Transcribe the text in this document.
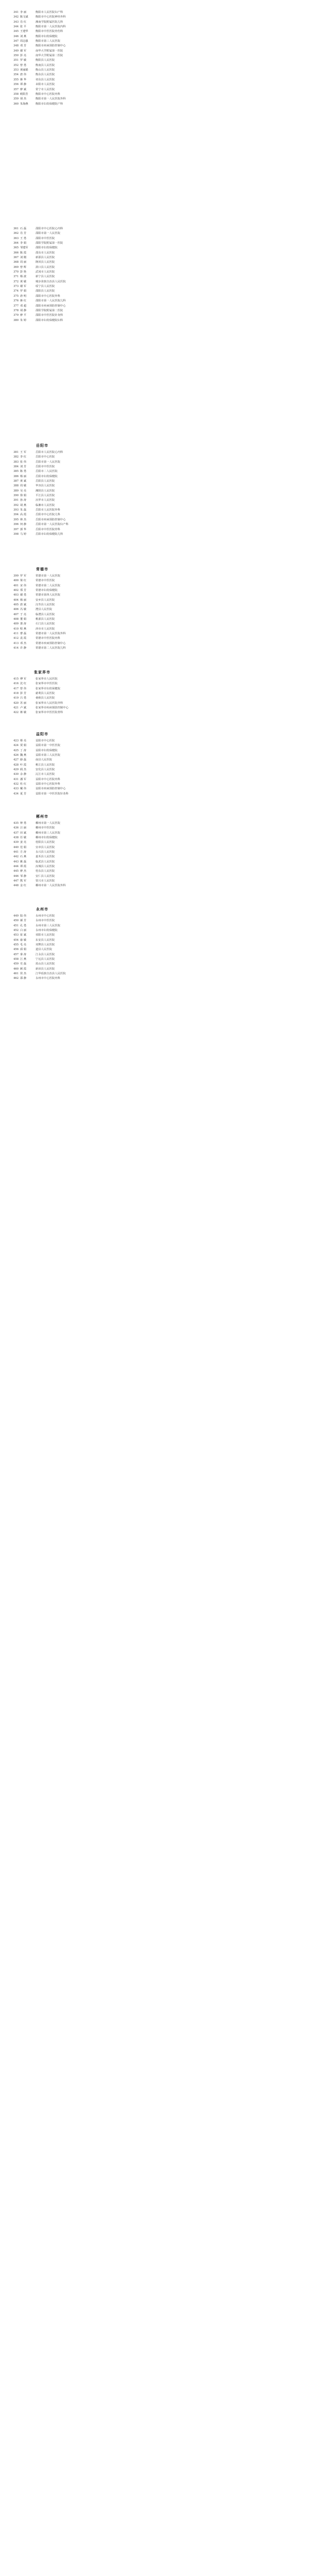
341 李 丽	衡阳市人民医院妇产科
342 陈文斌	衡阳市中心医院神经外科
343 肖 红	湘南学院附属医院儿科
344 张 平	衡阳市第一人民医院内科
345 王建华	衡阳市中医医院骨伤科
346 刘 燕	衡阳市妇幼保健院
347 周志强	衡阳市第三人民医院
348 邓 芳	衡阳市疾病预防控制中心
349 谢 军	南华大学附属第一医院
350 彭 亮	南华大学附属第二医院
351 罗 敏	衡阳县人民医院
352 曾 勇	衡南县人民医院
353 黄丽娟	衡山县人民医院
354 唐 伟	衡东县人民医院
355 蒋 华	祁东县人民医院
356 谭 静	耒阳市人民医院
357 廖 斌	常宁市人民医院
358 欧阳芳	衡阳市中心医院内科
359 胡 杰	衡阳市第一人民医院外科
360 朱海燕	衡阳市妇幼保健院产科
361 石 磊	邵阳市中心医院心内科
362 肖 芳	邵阳市第一人民医院
363 王 勇	邵阳市中医医院
364 李 娟	邵阳学院附属第一医院
365 邹建军	邵阳市妇幼保健院
366 陈 霞	邵东市人民医院
367 刘 刚	新邵县人民医院
368 周 丽	隆回县人民医院
369 曾 辉	洞口县人民医院
370 彭 艳	武冈市人民医院
371 杨 波	新宁县人民医院
372 黄 敏	城步苗族自治县人民医院
373 谢 军	绥宁县人民医院
374 罗 娟	邵阳县人民医院
375 唐 明	邵阳市中心医院外科
376 蒋 红	邵阳市第一人民医院儿科
377 邓 超	邵阳市疾病预防控制中心
378 胡 静	邵阳学院附属第二医院
379 廖 平	邵阳市中医医院针灸科
380 朱 婷	邵阳市妇幼保健院妇科
岳阳市
381 王 军	岳阳市人民医院心内科
382 李 红	岳阳市中心医院
383 张 伟	岳阳市第一人民医院
384 刘 芳	岳阳市中医医院
385 陈 勇	岳阳市二人民医院
386 杨 丽	岳阳市妇幼保健院
387 黄 斌	岳阳县人民医院
388 周 敏	华容县人民医院
389 吴 亮	湘阴县人民医院
390 徐 娟	平江县人民医院
391 孙 涛	汨罗市人民医院
392 胡 燕	临湘市人民医院
393 朱 磊	岳阳市人民医院外科
394 高 霞	岳阳市中心医院儿科
395 林 杰	岳阳市疾病预防控制中心
396 何 静	岳阳市第一人民医院妇产科
397 郭 华	岳阳市中医医院骨科
398 马 婷	岳阳市妇幼保健院儿科
常德市
399 罗 军	常德市第一人民医院
400 梁 红	常德市中医医院
401 宋 伟	常德市第二人民医院
402 郑 芳	常德市妇幼保健院
403 谢 勇	常德市第四人民医院
404 韩 丽	安乡县人民医院
405 唐 斌	汉寿县人民医院
406 冯 敏	澧县人民医院
407 于 亮	临澧县人民医院
408 董 娟	桃源县人民医院
409 萧 涛	石门县人民医院
410 程 燕	津市市人民医院
411 曹 磊	常德市第一人民医院外科
412 袁 霞	常德市中医医院内科
413 邓 杰	常德市疾病预防控制中心
414 许 静	常德市第二人民医院儿科
张家界市
415 傅 军	张家界市人民医院
416 沈 红	张家界市中医医院
417 曾 伟	张家界市妇幼保健院
418 彭 芳	慈利县人民医院
419 吕 勇	桑植县人民医院
420 苏 丽	张家界市人民医院外科
421 卢 斌	张家界市疾病预防控制中心
422 蒋 敏	张家界市中医医院骨科
益阳市
423 蔡 亮	益阳市中心医院
424 贾 娟	益阳市第一中医医院
425 丁 涛	益阳市妇幼保健院
426 魏 燕	益阳市第三人民医院
427 薛 磊	南县人民医院
428 叶 霞	桃江县人民医院
429 阎 杰	安化县人民医院
430 余 静	沅江市人民医院
431 潘 军	益阳市中心医院内科
432 杜 红	益阳市中心医院外科
433 戴 伟	益阳市疾病预防控制中心
434 夏 芳	益阳市第一中医医院针灸科
郴州市
435 钟 勇	郴州市第一人民医院
436 汪 丽	郴州市中医医院
437 田 斌	郴州市第三人民医院
438 任 敏	郴州市妇幼保健院
439 姜 亮	桂阳县人民医院
440 范 娟	宜章县人民医院
441 方 涛	永兴县人民医院
442 石 燕	嘉禾县人民医院
443 姚 磊	临武县人民医院
444 谭 霞	汝城县人民医院
445 廖 杰	桂东县人民医院
446 邹 静	安仁县人民医院
447 熊 军	资兴市人民医院
448 金 红	郴州市第一人民医院外科
永州市
449 陆 伟	永州市中心医院
450 郝 芳	永州市中医医院
451 孔 勇	永州市第三人民医院
452 白 丽	永州市妇幼保健院
453 崔 斌	祁阳市人民医院
454 康 敏	东安县人民医院
455 毛 亮	双牌县人民医院
456 邱 娟	道县人民医院
457 秦 涛	江永县人民医院
458 江 燕	宁远县人民医院
459 史 磊	蓝山县人民医院
460 顾 霞	新田县人民医院
461 侯 杰	江华瑶族自治县人民医院
462 邵 静	永州市中心医院内科
